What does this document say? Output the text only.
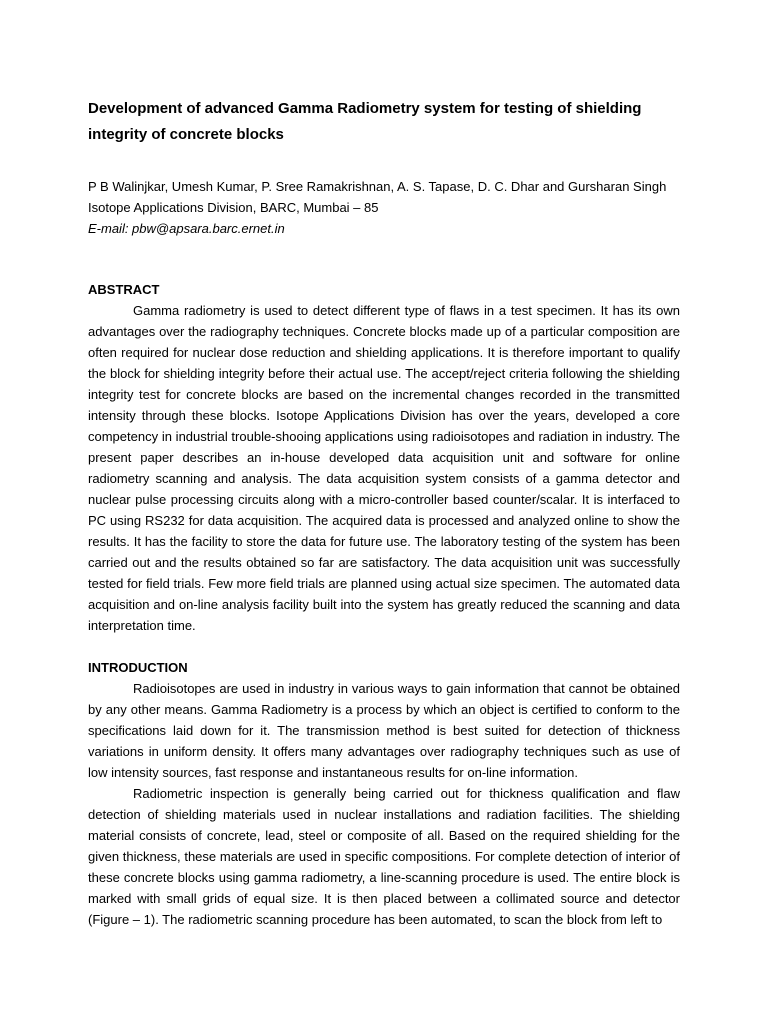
Development of advanced Gamma Radiometry system for testing of shielding integrity of concrete blocks
P B Walinjkar, Umesh Kumar, P. Sree Ramakrishnan, A. S. Tapase, D. C. Dhar and Gursharan Singh
Isotope Applications Division, BARC, Mumbai – 85
E-mail: pbw@apsara.barc.ernet.in
ABSTRACT

Gamma radiometry is used to detect different type of flaws in a test specimen. It has its own advantages over the radiography techniques. Concrete blocks made up of a particular composition are often required for nuclear dose reduction and shielding applications. It is therefore important to qualify the block for shielding integrity before their actual use. The accept/reject criteria following the shielding integrity test for concrete blocks are based on the incremental changes recorded in the transmitted intensity through these blocks. Isotope Applications Division has over the years, developed a core competency in industrial trouble-shooing applications using radioisotopes and radiation in industry. The present paper describes an in-house developed data acquisition unit and software for online radiometry scanning and analysis. The data acquisition system consists of a gamma detector and nuclear pulse processing circuits along with a micro-controller based counter/scalar. It is interfaced to PC using RS232 for data acquisition. The acquired data is processed and analyzed online to show the results. It has the facility to store the data for future use. The laboratory testing of the system has been carried out and the results obtained so far are satisfactory. The data acquisition unit was successfully tested for field trials. Few more field trials are planned using actual size specimen. The automated data acquisition and on-line analysis facility built into the system has greatly reduced the scanning and data interpretation time.

INTRODUCTION

Radioisotopes are used in industry in various ways to gain information that cannot be obtained by any other means. Gamma Radiometry is a process by which an object is certified to conform to the specifications laid down for it. The transmission method is best suited for detection of thickness variations in uniform density. It offers many advantages over radiography techniques such as use of low intensity sources, fast response and instantaneous results for on-line information.

Radiometric inspection is generally being carried out for thickness qualification and flaw detection of shielding materials used in nuclear installations and radiation facilities. The shielding material consists of concrete, lead, steel or composite of all. Based on the required shielding for the given thickness, these materials are used in specific compositions. For complete detection of interior of these concrete blocks using gamma radiometry, a line-scanning procedure is used. The entire block is marked with small grids of equal size. It is then placed between a collimated source and detector (Figure – 1). The radiometric scanning procedure has been automated, to scan the block from left to
